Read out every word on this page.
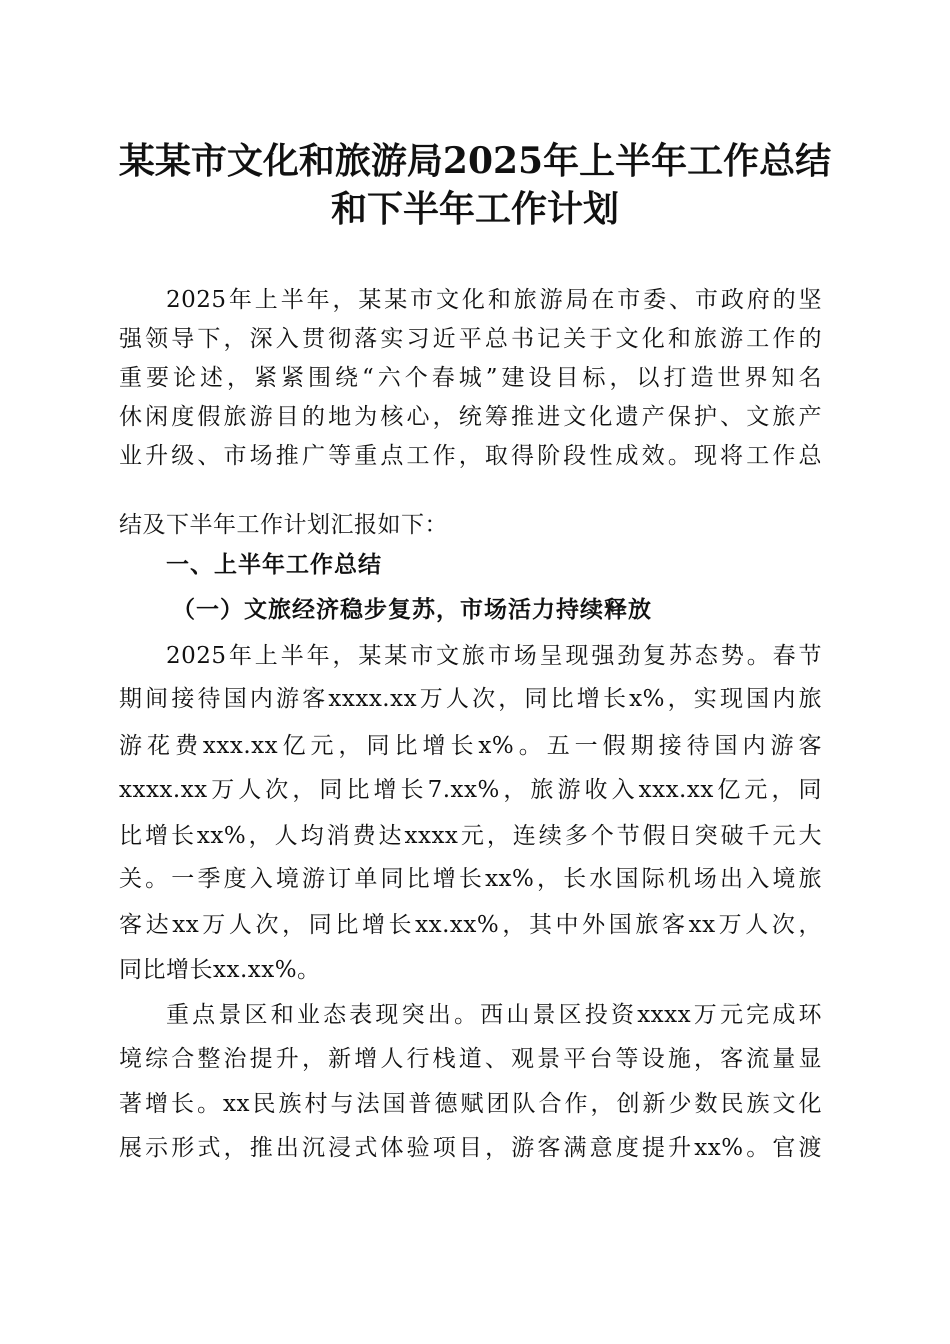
某某市文化和旅游局2025年上半年工作总结
和下半年工作计划
2025年上半年，某某市文化和旅游局在市委、市政府的坚
强领导下，深入贯彻落实习近平总书记关于文化和旅游工作的
重要论述，紧紧围绕“六个春城”建设目标，以打造世界知名
休闲度假旅游目的地为核心，统筹推进文化遗产保护、文旅产
业升级、市场推广等重点工作，取得阶段性成效。现将工作总
结及下半年工作计划汇报如下：
一、上半年工作总结
（一）文旅经济稳步复苏，市场活力持续释放
2025年上半年，某某市文旅市场呈现强劲复苏态势。春节
期间接待国内游客xxxx.xx万人次，同比增长x%，实现国内旅
游花费xxx.xx亿元，同比增长x%。五一假期接待国内游客
xxxx.xx万人次，同比增长7.xx%，旅游收入xxx.xx亿元，同
比增长xx%，人均消费达xxxx元，连续多个节假日突破千元大
关。一季度入境游订单同比增长xx%，长水国际机场出入境旅
客达xx万人次，同比增长xx.xx%，其中外国旅客xx万人次，
同比增长xx.xx%。
重点景区和业态表现突出。西山景区投资xxxx万元完成环
境综合整治提升，新增人行栈道、观景平台等设施，客流量显
著增长。xx民族村与法国普德赋团队合作，创新少数民族文化
展示形式，推出沉浸式体验项目，游客满意度提升xx%。官渡
